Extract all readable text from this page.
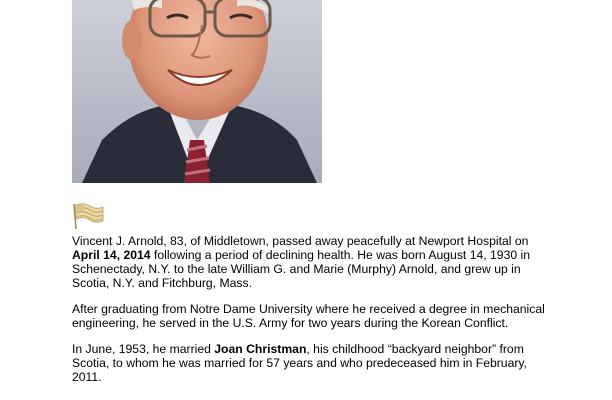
Vincent J. Arnold, 83, of Middletown, passed away peacefully at Newport Hospital on
April 14, 2014 following a period of declining health. He was born August 14, 1930 in Schenectady, N.Y. to the late William G. and Marie (Murphy) Arnold, and grew up in Scotia, N.Y. and Fitchburg, Mass.

After graduating from Notre Dame University where he received a degree in mechanical engineering, he served in the U.S. Army for two years during the Korean Conflict.

In June, 1953, he married Joan Christman, his childhood “backyard neighbor” from Scotia, to whom he was married for 57 years and who predeceased him in February, 2011.
